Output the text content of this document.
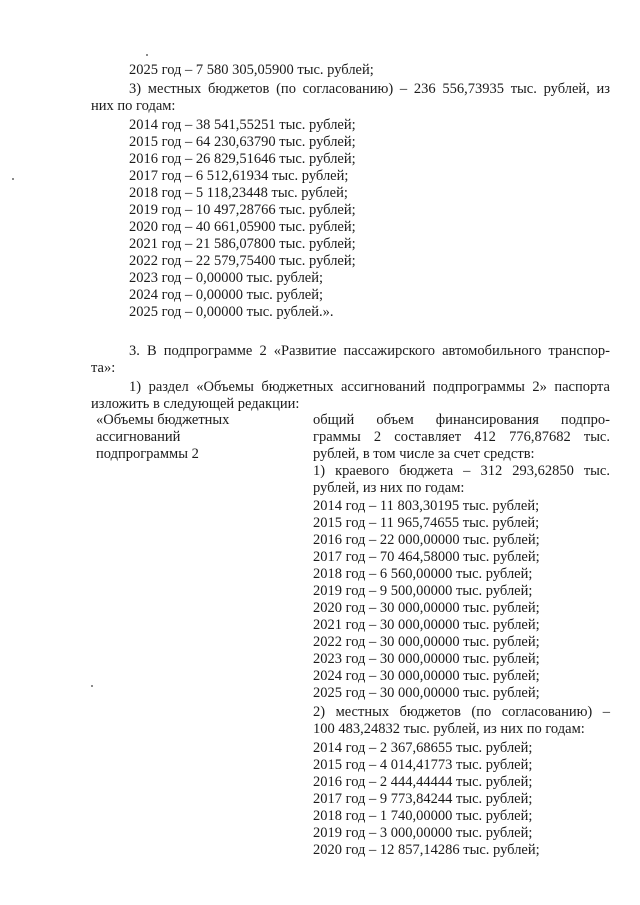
2025 год – 7 580 305,05900 тыс. рублей;
3) местных бюджетов (по согласованию) – 236 556,73935 тыс. рублей, из
них по годам:
2014 год – 38 541,55251 тыс. рублей;
2015 год – 64 230,63790 тыс. рублей;
2016 год – 26 829,51646 тыс. рублей;
2017 год – 6 512,61934 тыс. рублей;
2018 год – 5 118,23448 тыс. рублей;
2019 год – 10 497,28766 тыс. рублей;
2020 год – 40 661,05900 тыс. рублей;
2021 год – 21 586,07800 тыс. рублей;
2022 год – 22 579,75400 тыс. рублей;
2023 год – 0,00000 тыс. рублей;
2024 год – 0,00000 тыс. рублей;
2025 год – 0,00000 тыс. рублей.».
3. В подпрограмме 2 «Развитие пассажирского автомобильного транспор-
та»:
1) раздел «Объемы бюджетных ассигнований подпрограммы 2» паспорта
изложить в следующей редакции:
«Объемы бюджетных
ассигнований
подпрограммы 2
общий объем финансирования подпро-
граммы 2 составляет 412 776,87682 тыс.
рублей, в том числе за счет средств:
1) краевого бюджета – 312 293,62850 тыс.
рублей, из них по годам:
2014 год – 11 803,30195 тыс. рублей;
2015 год – 11 965,74655 тыс. рублей;
2016 год – 22 000,00000 тыс. рублей;
2017 год – 70 464,58000 тыс. рублей;
2018 год – 6 560,00000 тыс. рублей;
2019 год – 9 500,00000 тыс. рублей;
2020 год – 30 000,00000 тыс. рублей;
2021 год – 30 000,00000 тыс. рублей;
2022 год – 30 000,00000 тыс. рублей;
2023 год – 30 000,00000 тыс. рублей;
2024 год – 30 000,00000 тыс. рублей;
2025 год – 30 000,00000 тыс. рублей;
2) местных бюджетов (по согласованию) –
100 483,24832 тыс. рублей, из них по годам:
2014 год – 2 367,68655 тыс. рублей;
2015 год – 4 014,41773 тыс. рублей;
2016 год – 2 444,44444 тыс. рублей;
2017 год – 9 773,84244 тыс. рублей;
2018 год – 1 740,00000 тыс. рублей;
2019 год – 3 000,00000 тыс. рублей;
2020 год – 12 857,14286 тыс. рублей;
